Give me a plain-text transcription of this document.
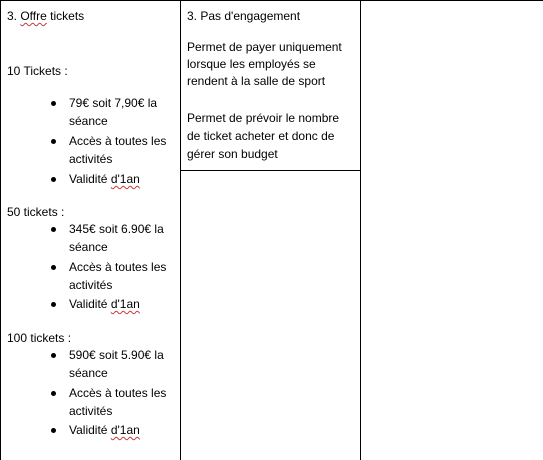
3. Offre tickets
10 Tickets :
79€ soit 7,90€ la
séance
Accès à toutes les
activités
Validité d'1an
50 tickets :
345€ soit 6.90€ la
séance
Accès à toutes les
activités
Validité d'1an
100 tickets :
590€ soit 5.90€ la
séance
Accès à toutes les
activités
Validité d'1an
3. Pas d'engagement
Permet de payer uniquement
lorsque les employés se
rendent à la salle de sport
Permet de prévoir le nombre
de ticket acheter et donc de
gérer son budget
